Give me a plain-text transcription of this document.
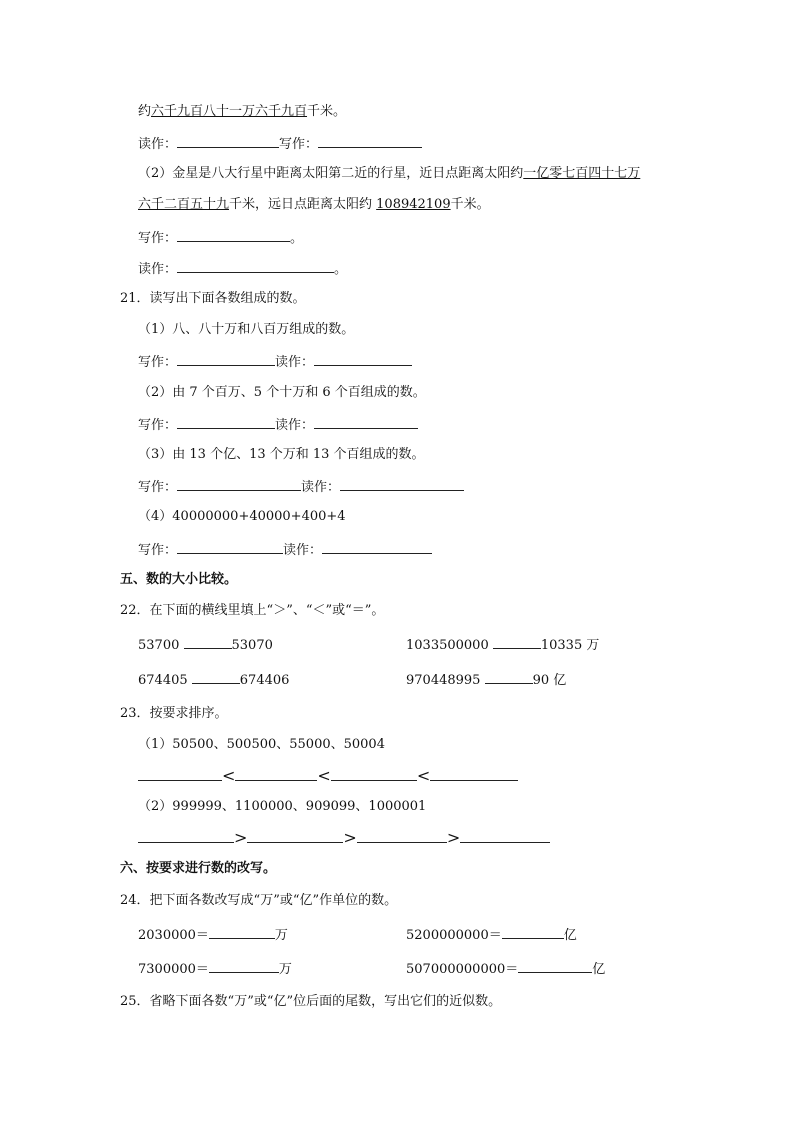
约六千九百八十一万六千九百千米。
读作：	写作：
（2）金星是八大行星中距离太阳第二近的行星，近日点距离太阳约一亿零七百四十七万
六千二百五十九千米，远日点距离太阳约 108942109千米。
写作：	。
读作：	。
21．读写出下面各数组成的数。
（1）八、八十万和八百万组成的数。
写作：	读作：
（2）由 7 个百万、5 个十万和 6 个百组成的数。
写作：	读作：
（3）由 13 个亿、13 个万和 13 个百组成的数。
写作：	读作：
（4）40000000+40000+400+4
写作：	读作：
五、数的大小比较。
22．在下面的横线里填上“＞”、“＜”或“＝”。
53700	53070	1033500000	10335 万
674405	674406	970448995	90 亿
23．按要求排序。
（1）50500、500500、55000、50004
<	<	<
（2）999999、1100000、909099、1000001
>	>	>
六、按要求进行数的改写。
24．把下面各数改写成“万”或“亿”作单位的数。
2030000＝	万	5200000000＝	亿
7300000＝	万	507000000000＝	亿
25．省略下面各数“万”或“亿”位后面的尾数，写出它们的近似数。
